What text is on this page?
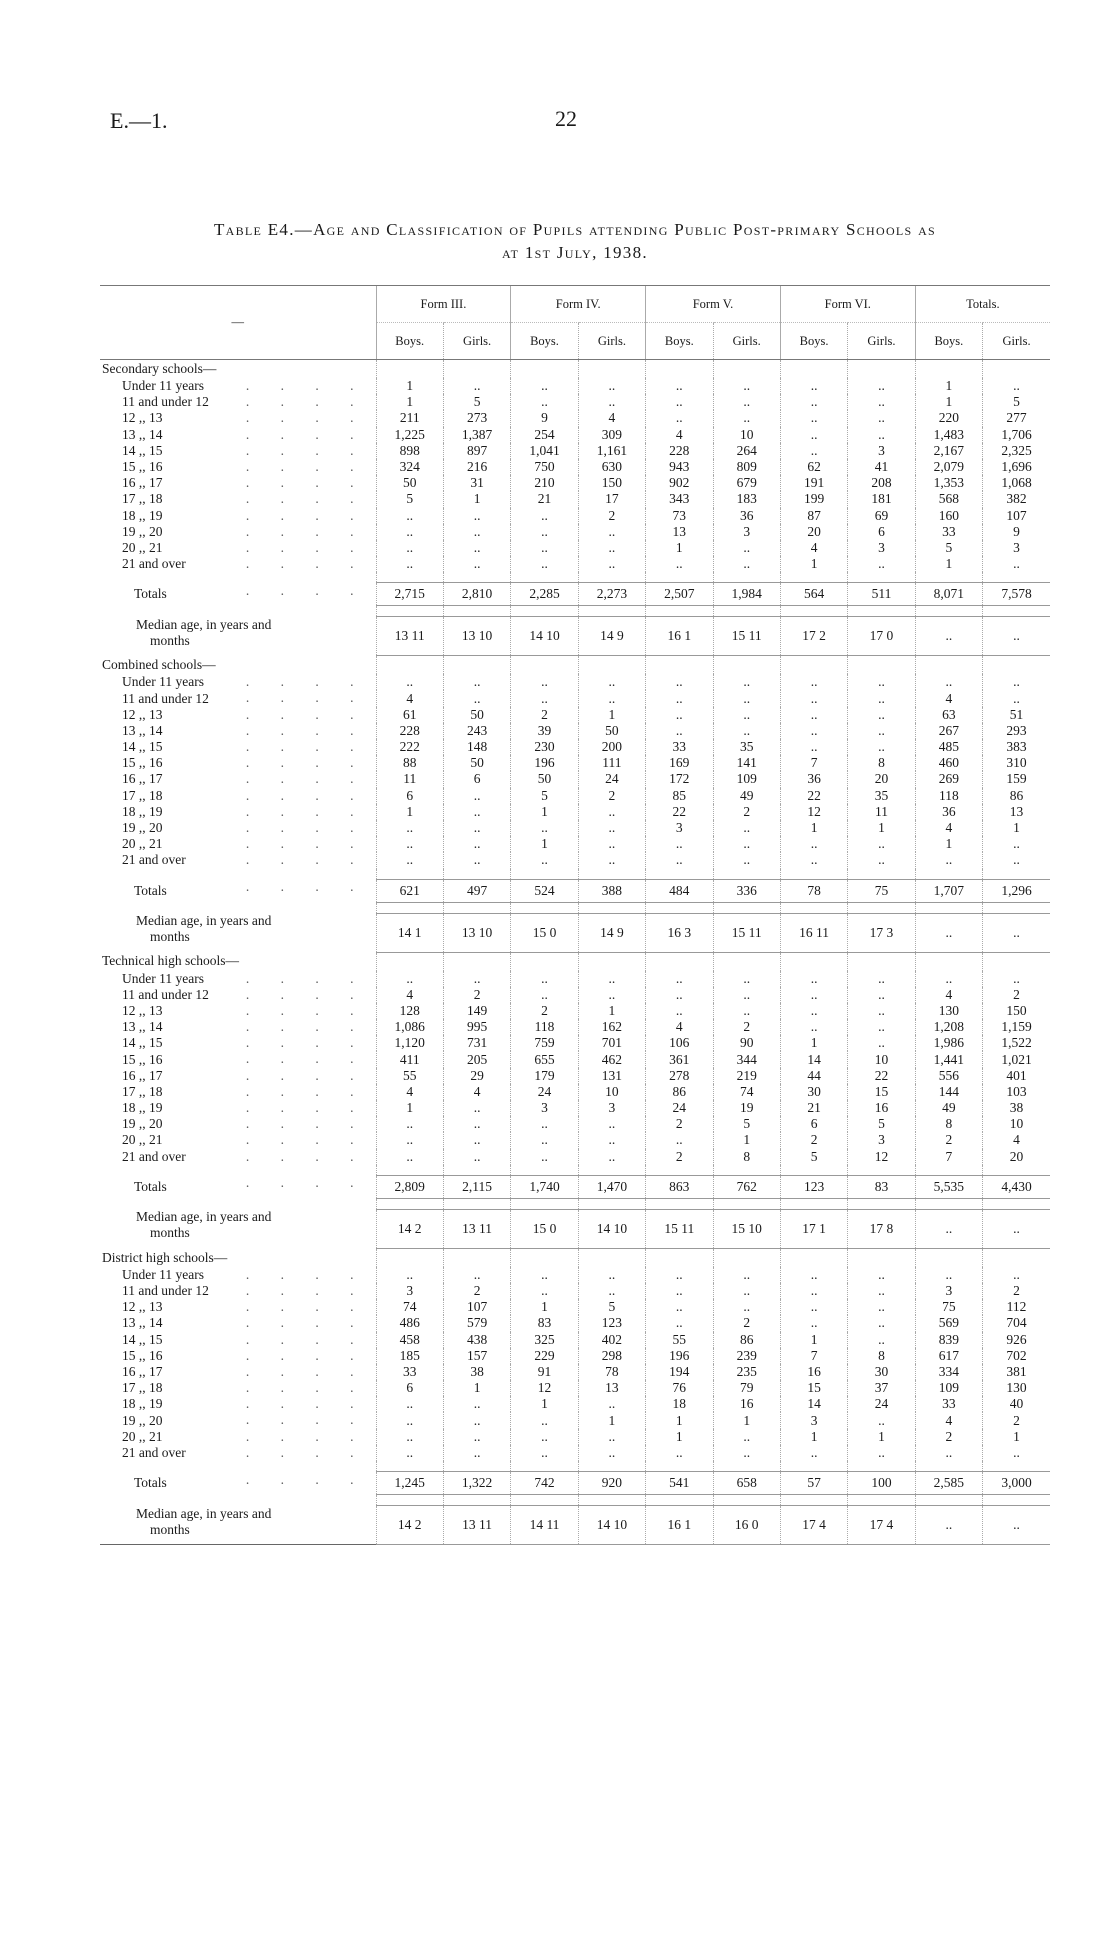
E.—1.	22
Table E4.—Age and Classification of Pupils attending Public Post-primary Schools as
at 1st July, 1938.
—	Form III.		Form IV.		Form V.		Form VI.		Totals.	
	Boys.	Girls.	Boys.	Girls.	Boys.	Girls.	Boys.	Girls.	Boys.	Girls.
Secondary schools—										
Under 11 years . . . .	1	..	..	..	..	..	..	..	1	..
11 and under 12 . . . .	1	5	..	..	..	..	..	..	1	5
12 ,, 13 . . . .	211	273	9	4	..	..	..	..	220	277
13 ,, 14 . . . .	1,225	1,387	254	309	4	10	..	..	1,483	1,706
14 ,, 15 . . . .	898	897	1,041	1,161	228	264	..	3	2,167	2,325
15 ,, 16 . . . .	324	216	750	630	943	809	62	41	2,079	1,696
16 ,, 17 . . . .	50	31	210	150	902	679	191	208	1,353	1,068
17 ,, 18 . . . .	5	1	21	17	343	183	199	181	568	382
18 ,, 19 . . . .	..	..	..	2	73	36	87	69	160	107
19 ,, 20 . . . .	..	..	..	..	13	3	20	6	33	9
20 ,, 21 . . . .	..	..	..	..	1	..	4	3	5	3
21 and over . . . .	..	..	..	..	..	..	1	..	1	..

Totals . . . .	2,715	2,810	2,285	2,273	2,507	1,984	564	511	8,071	7,578

Median age, in years and
months	13 11	13 10	14 10	14 9	16 1	15 11	17 2	17 0	..	..
Combined schools—										
Under 11 years . . . .	..	..	..	..	..	..	..	..	..	..
11 and under 12 . . . .	4	..	..	..	..	..	..	..	4	..
12 ,, 13 . . . .	61	50	2	1	..	..	..	..	63	51
13 ,, 14 . . . .	228	243	39	50	..	..	..	..	267	293
14 ,, 15 . . . .	222	148	230	200	33	35	..	..	485	383
15 ,, 16 . . . .	88	50	196	111	169	141	7	8	460	310
16 ,, 17 . . . .	11	6	50	24	172	109	36	20	269	159
17 ,, 18 . . . .	6	..	5	2	85	49	22	35	118	86
18 ,, 19 . . . .	1	..	1	..	22	2	12	11	36	13
19 ,, 20 . . . .	..	..	..	..	3	..	1	1	4	1
20 ,, 21 . . . .	..	..	1	..	..	..	..	..	1	..
21 and over . . . .	..	..	..	..	..	..	..	..	..	..

Totals . . . .	621	497	524	388	484	336	78	75	1,707	1,296

Median age, in years and
months	14 1	13 10	15 0	14 9	16 3	15 11	16 11	17 3	..	..
Technical high schools—										
Under 11 years . . . .	..	..	..	..	..	..	..	..	..	..
11 and under 12 . . . .	4	2	..	..	..	..	..	..	4	2
12 ,, 13 . . . .	128	149	2	1	..	..	..	..	130	150
13 ,, 14 . . . .	1,086	995	118	162	4	2	..	..	1,208	1,159
14 ,, 15 . . . .	1,120	731	759	701	106	90	1	..	1,986	1,522
15 ,, 16 . . . .	411	205	655	462	361	344	14	10	1,441	1,021
16 ,, 17 . . . .	55	29	179	131	278	219	44	22	556	401
17 ,, 18 . . . .	4	4	24	10	86	74	30	15	144	103
18 ,, 19 . . . .	1	..	3	3	24	19	21	16	49	38
19 ,, 20 . . . .	..	..	..	..	2	5	6	5	8	10
20 ,, 21 . . . .	..	..	..	..	..	1	2	3	2	4
21 and over . . . .	..	..	..	..	2	8	5	12	7	20

Totals . . . .	2,809	2,115	1,740	1,470	863	762	123	83	5,535	4,430

Median age, in years and
months	14 2	13 11	15 0	14 10	15 11	15 10	17 1	17 8	..	..
District high schools—										
Under 11 years . . . .	..	..	..	..	..	..	..	..	..	..
11 and under 12 . . . .	3	2	..	..	..	..	..	..	3	2
12 ,, 13 . . . .	74	107	1	5	..	..	..	..	75	112
13 ,, 14 . . . .	486	579	83	123	..	2	..	..	569	704
14 ,, 15 . . . .	458	438	325	402	55	86	1	..	839	926
15 ,, 16 . . . .	185	157	229	298	196	239	7	8	617	702
16 ,, 17 . . . .	33	38	91	78	194	235	16	30	334	381
17 ,, 18 . . . .	6	1	12	13	76	79	15	37	109	130
18 ,, 19 . . . .	..	..	1	..	18	16	14	24	33	40
19 ,, 20 . . . .	..	..	..	1	1	1	3	..	4	2
20 ,, 21 . . . .	..	..	..	..	1	..	1	1	2	1
21 and over . . . .	..	..	..	..	..	..	..	..	..	..

Totals . . . .	1,245	1,322	742	920	541	658	57	100	2,585	3,000

Median age, in years and
months	14 2	13 11	14 11	14 10	16 1	16 0	17 4	17 4	..	..
